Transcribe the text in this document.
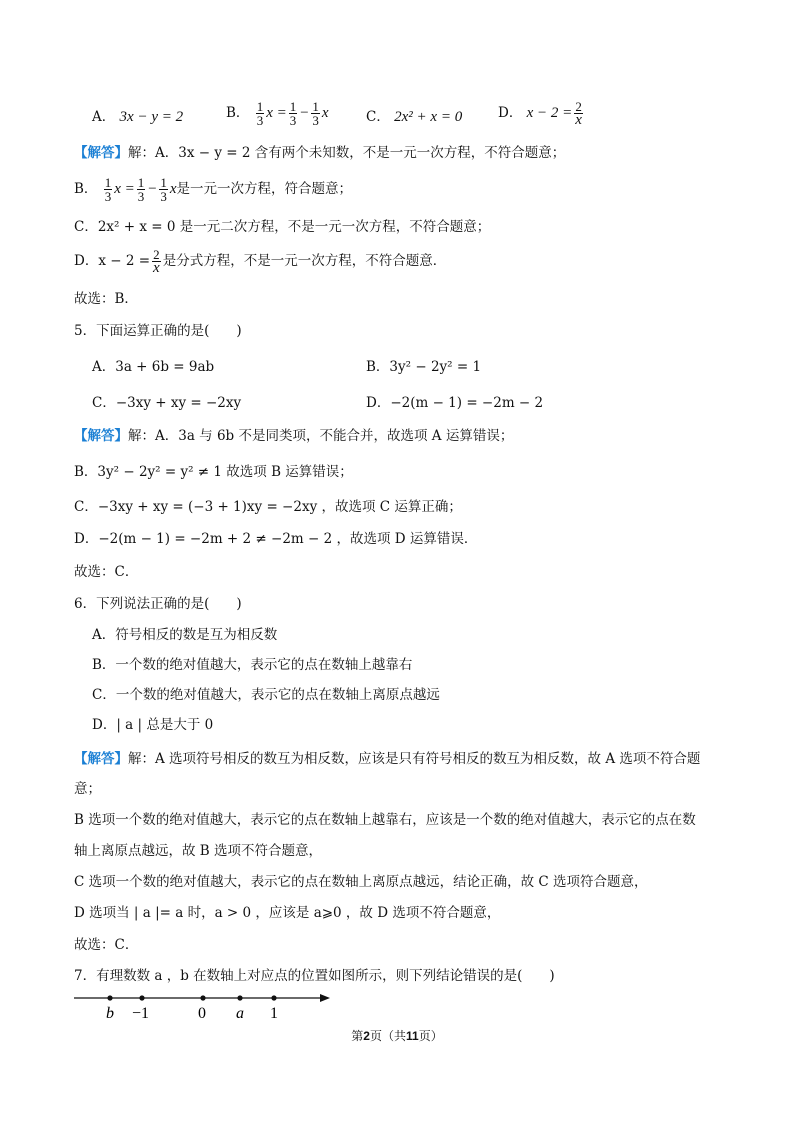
A． 3x − y = 2	B． $\frac{1}{3}$ $x = \frac{1}{3} - \frac{1}{3}$ x	C． 2x² + x = 0	D． $x - 2 = \frac{2}{x}$
【解答】解：A．3x − y = 2 含有两个未知数，不是一元一次方程，不符合题意；
B． $\frac{1}{3}$ $x = \frac{1}{3} - \frac{1}{3}$ x是一元一次方程，符合题意；
C．2x² + x = 0 是一元二次方程，不是一元一次方程，不符合题意；
D．$x - 2 = \frac{2}{x}$ 是分式方程，不是一元一次方程，不符合题意．
故选：B．
5．下面运算正确的是(　　)
A．3a + 6b = 9ab	B．3y² − 2y² = 1
C．−3xy + xy = −2xy	D．−2(m − 1) = −2m − 2
【解答】解：A．3a 与 6b 不是同类项，不能合并，故选项 A 运算错误；
B．3y² − 2y² = y² ≠ 1 故选项 B 运算错误；
C．−3xy + xy = (−3 + 1)xy = −2xy ，故选项 C 运算正确；
D．−2(m − 1) = −2m + 2 ≠ −2m − 2 ，故选项 D 运算错误．
故选：C．
6．下列说法正确的是(　　)
A．符号相反的数是互为相反数
B．一个数的绝对值越大，表示它的点在数轴上越靠右
C．一个数的绝对值越大，表示它的点在数轴上离原点越远
D．| a | 总是大于 0
【解答】解：A 选项符号相反的数互为相反数，应该是只有符号相反的数互为相反数，故 A 选项不符合题
意；
B 选项一个数的绝对值越大，表示它的点在数轴上越靠右，应该是一个数的绝对值越大，表示它的点在数
轴上离原点越远，故 B 选项不符合题意，
C 选项一个数的绝对值越大，表示它的点在数轴上离原点越远，结论正确，故 C 选项符合题意，
D 选项当 | a |= a 时，a > 0 ，应该是 a⩾0 ，故 D 选项不符合题意，
故选：C．
7．有理数数 a ，b 在数轴上对应点的位置如图所示，则下列结论错误的是(　　)
b −1	0 a 1
第2页（共11页）
